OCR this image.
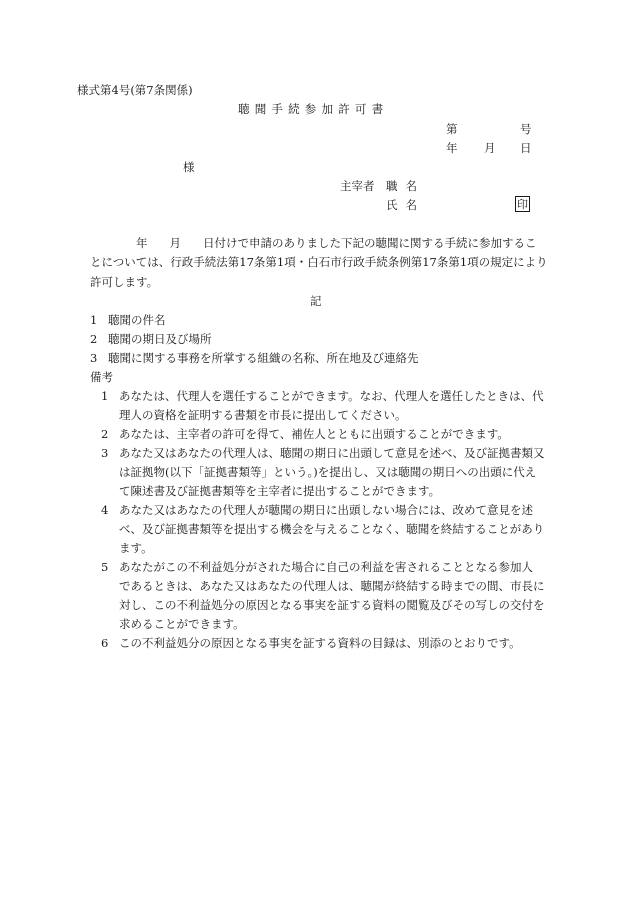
様式第4号(第7条関係)
聴聞手続参加許可書
第	号
年 月 日
様
主宰者 職名
氏名	印
年 月 日付けで申請のありました下記の聴聞に関する手続に参加するこ
とについては、行政手続法第17条第1項・白石市行政手続条例第17条第1項の規定により
許可します。
記
1 聴聞の件名
2 聴聞の期日及び場所
3 聴聞に関する事務を所掌する組織の名称、所在地及び連絡先
備考
1 あなたは、代理人を選任することができます。なお、代理人を選任したときは、代
理人の資格を証明する書類を市長に提出してください。
2 あなたは、主宰者の許可を得て、補佐人とともに出頭することができます。
3 あなた又はあなたの代理人は、聴聞の期日に出頭して意見を述べ、及び証拠書類又
は証拠物(以下「証拠書類等」という。)を提出し、又は聴聞の期日への出頭に代え
て陳述書及び証拠書類等を主宰者に提出することができます。
4 あなた又はあなたの代理人が聴聞の期日に出頭しない場合には、改めて意見を述
べ、及び証拠書類等を提出する機会を与えることなく、聴聞を終結することがあり
ます。
5 あなたがこの不利益処分がされた場合に自己の利益を害されることとなる参加人
であるときは、あなた又はあなたの代理人は、聴聞が終結する時までの間、市長に
対し、この不利益処分の原因となる事実を証する資料の閲覧及びその写しの交付を
求めることができます。
6 この不利益処分の原因となる事実を証する資料の目録は、別添のとおりです。
